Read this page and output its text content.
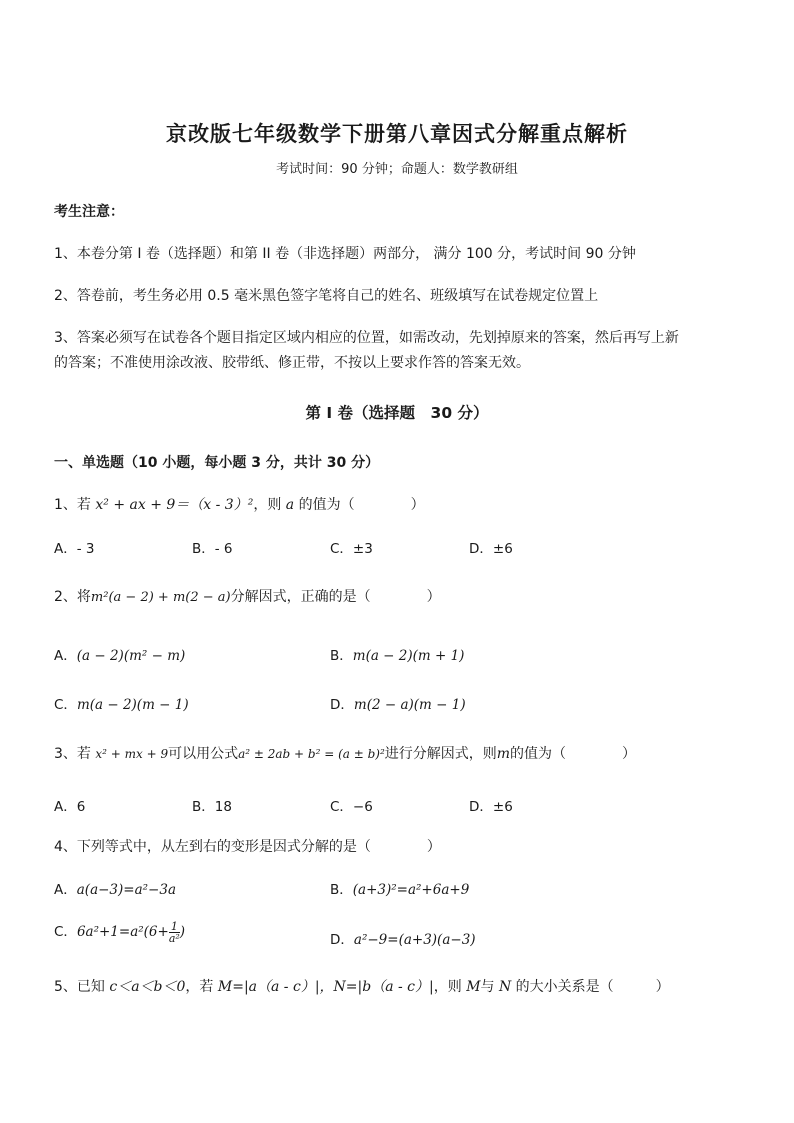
京改版七年级数学下册第八章因式分解重点解析
考试时间：90 分钟；命题人：数学教研组
考生注意：
1、本卷分第 I 卷（选择题）和第 II 卷（非选择题）两部分， 满分 100 分，考试时间 90 分钟
2、答卷前，考生务必用 0.5 毫米黑色签字笔将自己的姓名、班级填写在试卷规定位置上
3、答案必须写在试卷各个题目指定区域内相应的位置，如需改动，先划掉原来的答案，然后再写上新
的答案；不准使用涂改液、胶带纸、修正带，不按以上要求作答的答案无效。
第 I 卷（选择题　30 分）
一、单选题（10 小题，每小题 3 分，共计 30 分）
1、若 x² + ax + 9＝（x - 3）²，则 a 的值为（　　　　）
A．- 3	B．- 6	C．±3	D．±6
2、将m²(a − 2) + m(2 − a)分解因式，正确的是（　　　　）
A．(a − 2)(m² − m)	B．m(a − 2)(m + 1)
C．m(a − 2)(m − 1)	D．m(2 − a)(m − 1)
3、若 x² + mx + 9可以用公式a² ± 2ab + b² = (a ± b)²进行分解因式，则m的值为（　　　　）
A．6	B．18	C．−6	D．±6
4、下列等式中，从左到右的变形是因式分解的是（　　　　）
A．a(a−3)=a²−3a	B．(a+3)²=a²+6a+9
C．$6a^2+1=a^2(6+ \frac{1}{\text{a²}}$ )	D．a²−9=(a+3)(a−3)
5、已知 c＜a＜b＜0，若 M=|a（a - c）|，N=|b（a - c）|，则 M与 N 的大小关系是（　　　）
